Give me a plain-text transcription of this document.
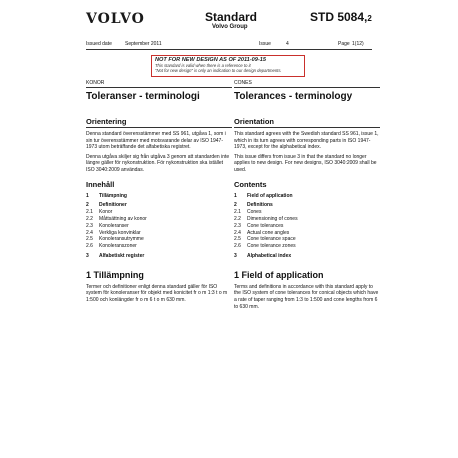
VOLVO	Standard
Volvo Group
STD 5084,2
Issued date	September 2011	Issue	4	Page 1(12)
NOT FOR NEW DESIGN AS OF 2011-09-15
This standard is valid when there is a reference to it
"Not for new design" is only an indication to our design departments.
KONOR
Toleranser - terminologi
Orientering
Denna standard överensstämmer med SS 961, utgåva 1, som i sin tur överensstämmer med motsvarande delar av ISO 1947-1973 utom beträffande det alfabetiska registret.
Denna utgåva skiljer sig från utgåva 3 genom att standarden inte längre gäller för nykonstruktion. För nykonstruktion ska istället ISO 3040:2009 användas.
Innehåll
1	Tillämpning
2	Definitioner
2.1	Konor
2.2	Måttsättning av konor
2.3	Konoleranser
2.4	Verkliga konvinklar
2.5	Konoleransutrymme
2.6	Konoleranszoner
3	Alfabetiskt register
1 Tillämpning
Termer och definitioner enligt denna standard gäller för ISO system för konoleranser för objekt med konicitet fr o m 1:3 t o m 1:500 och konlängder fr o m 6 t o m 630 mm.
CONES
Tolerances - terminology
Orientation
This standard agrees with the Swedish standard SS 961, issue 1, which in its turn agrees with corresponding parts in ISO 1947-1973, except for the alphabetical index.
This issue differs from issue 3 in that the standard no longer applies to new design. For new designs, ISO 3040:2009 shall be used.
Contents
1	Field of application
2	Definitions
2.1	Cones
2.2	Dimensioning of cones
2.3	Cone tolerances
2.4	Actual cone angles
2.5	Cone tolerance space
2.6	Cone tolerance zones
3	Alphabetical index
1 Field of application
Terms and definitions in accordance with this standard apply to the ISO system of cone tolerances for conical objects which have a rate of taper ranging from 1:3 to 1:500 and cone lengths from 6 to 630 mm.
